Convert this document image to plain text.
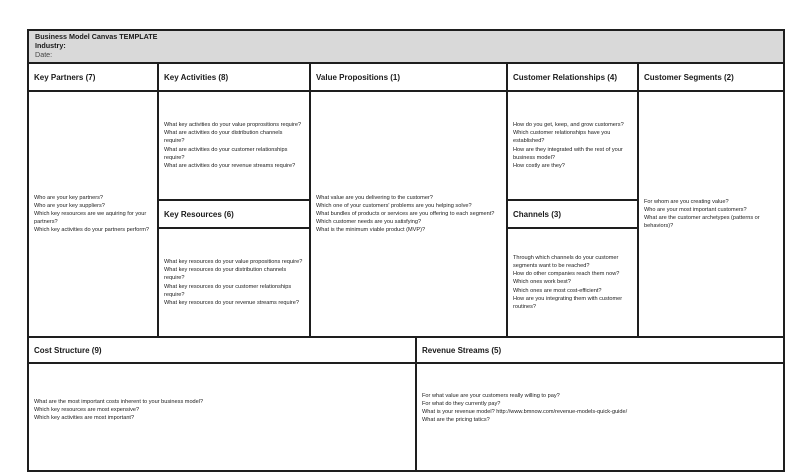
Business Model Canvas TEMPLATE
Industry:
Date:
Key Partners (7)
Who are your key partners?
Who are your key suppliers?
Which key resources are we aquiring for your partners?
Which key activities do your partners perform?
Key Activities (8)
What key activities do your value proprositions require?
What are activities do your distribution channels require?
What are activities do your customer relationships require?
What are activities do your revenue streams require?
Key Resources (6)
What key resources do your value propositions require?
What key resources do your distribution channels require?
What key resources do your customer relationships require?
What key resources do your revenue streams require?
Value Propositions (1)
What value are you delivering to the customer?
Which one of your customers' problems are you helping solve?
What bundles of products or services are you offering to each segment?
Which customer needs are you satisfying?
What is the minimum viable product (MVP)?
Customer Relationships (4)
How do you get, keep, and grow customers?
Which customer relationships have you established?
How are they integrated with the rest of your business model?
How costly are they?
Channels (3)
Through which channels do your customer segments want to be reached?
How do other companies reach them now?
Which ones work best?
Which ones are most cost-efficient?
How are you integrating them with customer routines?
Customer Segments (2)
For whom are you creating value?
Who are your most important customers?
What are the customer archetypes (patterns or behaviors)?
Cost Structure (9)
What are the most important costs inherent to your business model?
Which key resources are most expensive?
Which key activities are most important?
Revenue Streams (5)
For what value are your customers really willing to pay?
For what do they currently pay?
What is your revenue model? http://www.bmnow.com/revenue-models-quick-guide/
What are the pricing tatics?
